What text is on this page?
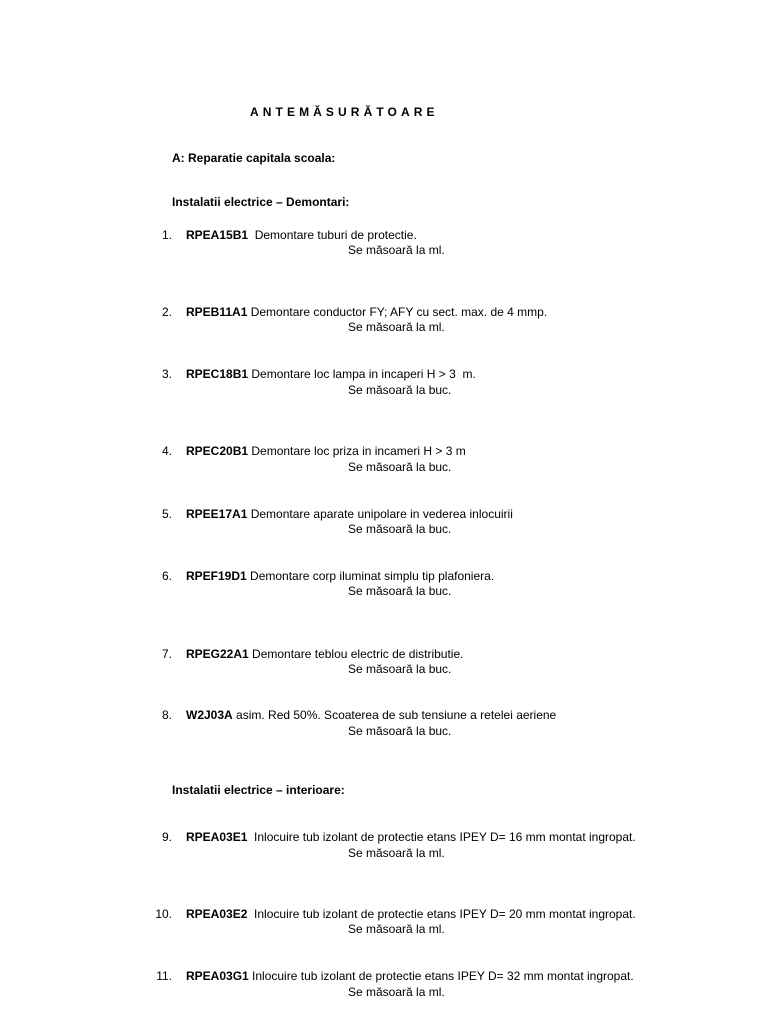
ANTEMĂSURĂTOARE
A: Reparatie capitala scoala:
Instalatii electrice – Demontari:
1. RPEA15B1  Demontare tuburi de protectie.
Se măsoară la ml.
2. RPEB11A1 Demontare conductor FY; AFY cu sect. max. de 4 mmp.
Se măsoară la ml.
3. RPEC18B1 Demontare loc lampa in incaperi H > 3  m.
Se măsoară la buc.
4. RPEC20B1 Demontare loc priza in incameri H > 3 m
Se măsoară la buc.
5. RPEE17A1 Demontare aparate unipolare in vederea inlocuirii
Se măsoară la buc.
6. RPEF19D1 Demontare corp iluminat simplu tip plafoniera.
Se măsoară la buc.
7. RPEG22A1 Demontare teblou electric de distributie.
Se măsoară la buc.
8. W2J03A asim. Red 50%. Scoaterea de sub tensiune a retelei aeriene
Se măsoară la buc.
Instalatii electrice – interioare:
9. RPEA03E1  Inlocuire tub izolant de protectie etans IPEY D= 16 mm montat ingropat.
Se măsoară la ml.
10. RPEA03E2  Inlocuire tub izolant de protectie etans IPEY D= 20 mm montat ingropat.
Se măsoară la ml.
11. RPEA03G1 Inlocuire tub izolant de protectie etans IPEY D= 32 mm montat ingropat.
Se măsoară la ml.
